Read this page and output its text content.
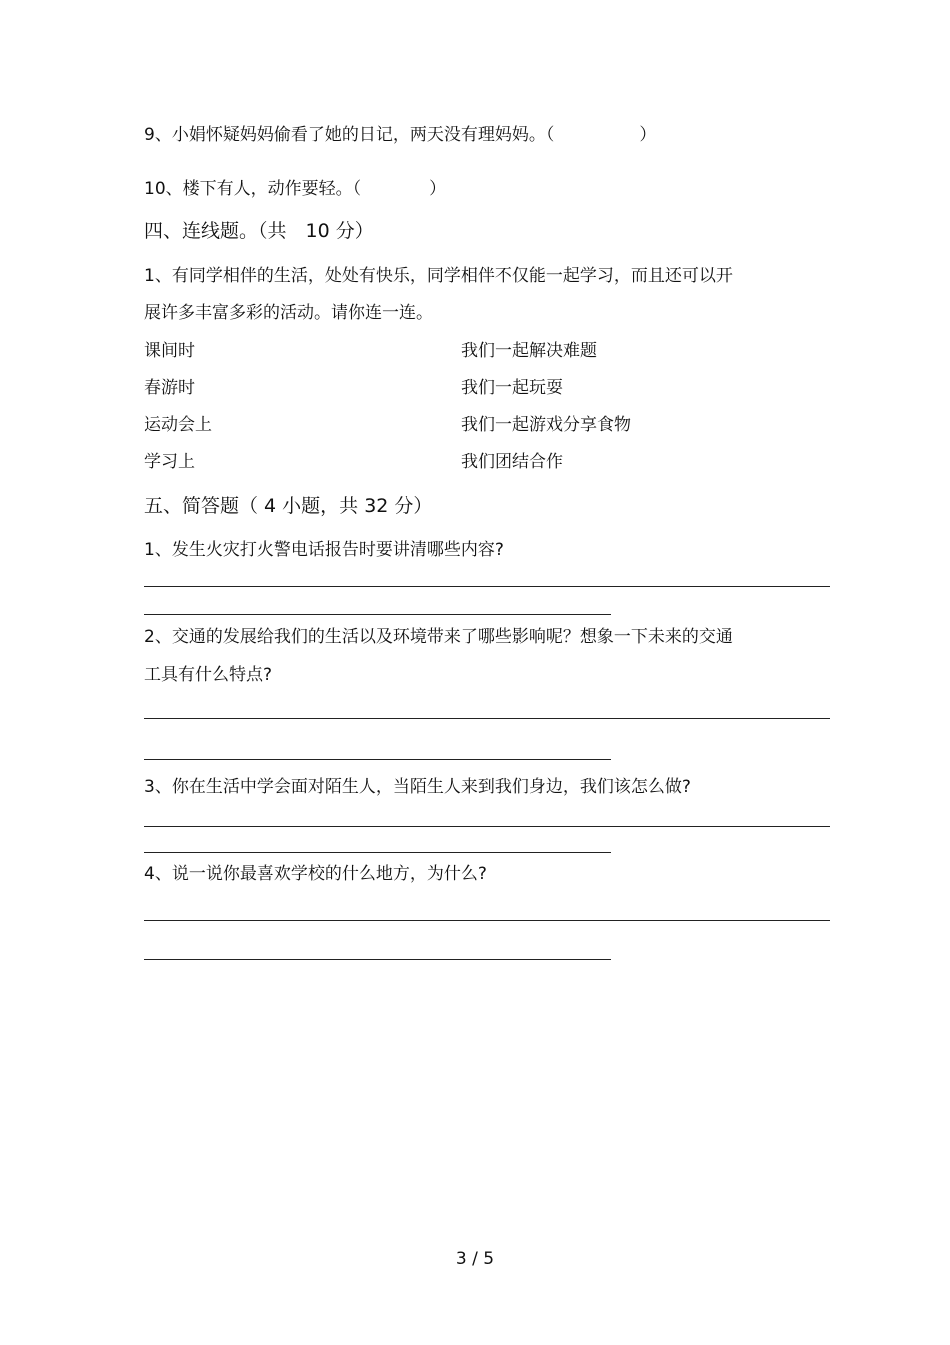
9、小娟怀疑妈妈偷看了她的日记，两天没有理妈妈。（　　　　　）
10、楼下有人，动作要轻。（　　　　）
四、连线题。（共　10 分）
1、有同学相伴的生活，处处有快乐，同学相伴不仅能一起学习，而且还可以开
展许多丰富多彩的活动。请你连一连。
课间时	我们一起解决难题
春游时	我们一起玩耍
运动会上	我们一起游戏分享食物
学习上	我们团结合作
五、简答题（ 4 小题，共 32 分）
1、发生火灾打火警电话报告时要讲清哪些内容?
2、交通的发展给我们的生活以及环境带来了哪些影响呢？想象一下未来的交通
工具有什么特点?
3、你在生活中学会面对陌生人，当陌生人来到我们身边，我们该怎么做?
4、说一说你最喜欢学校的什么地方，为什么?
3 / 5
